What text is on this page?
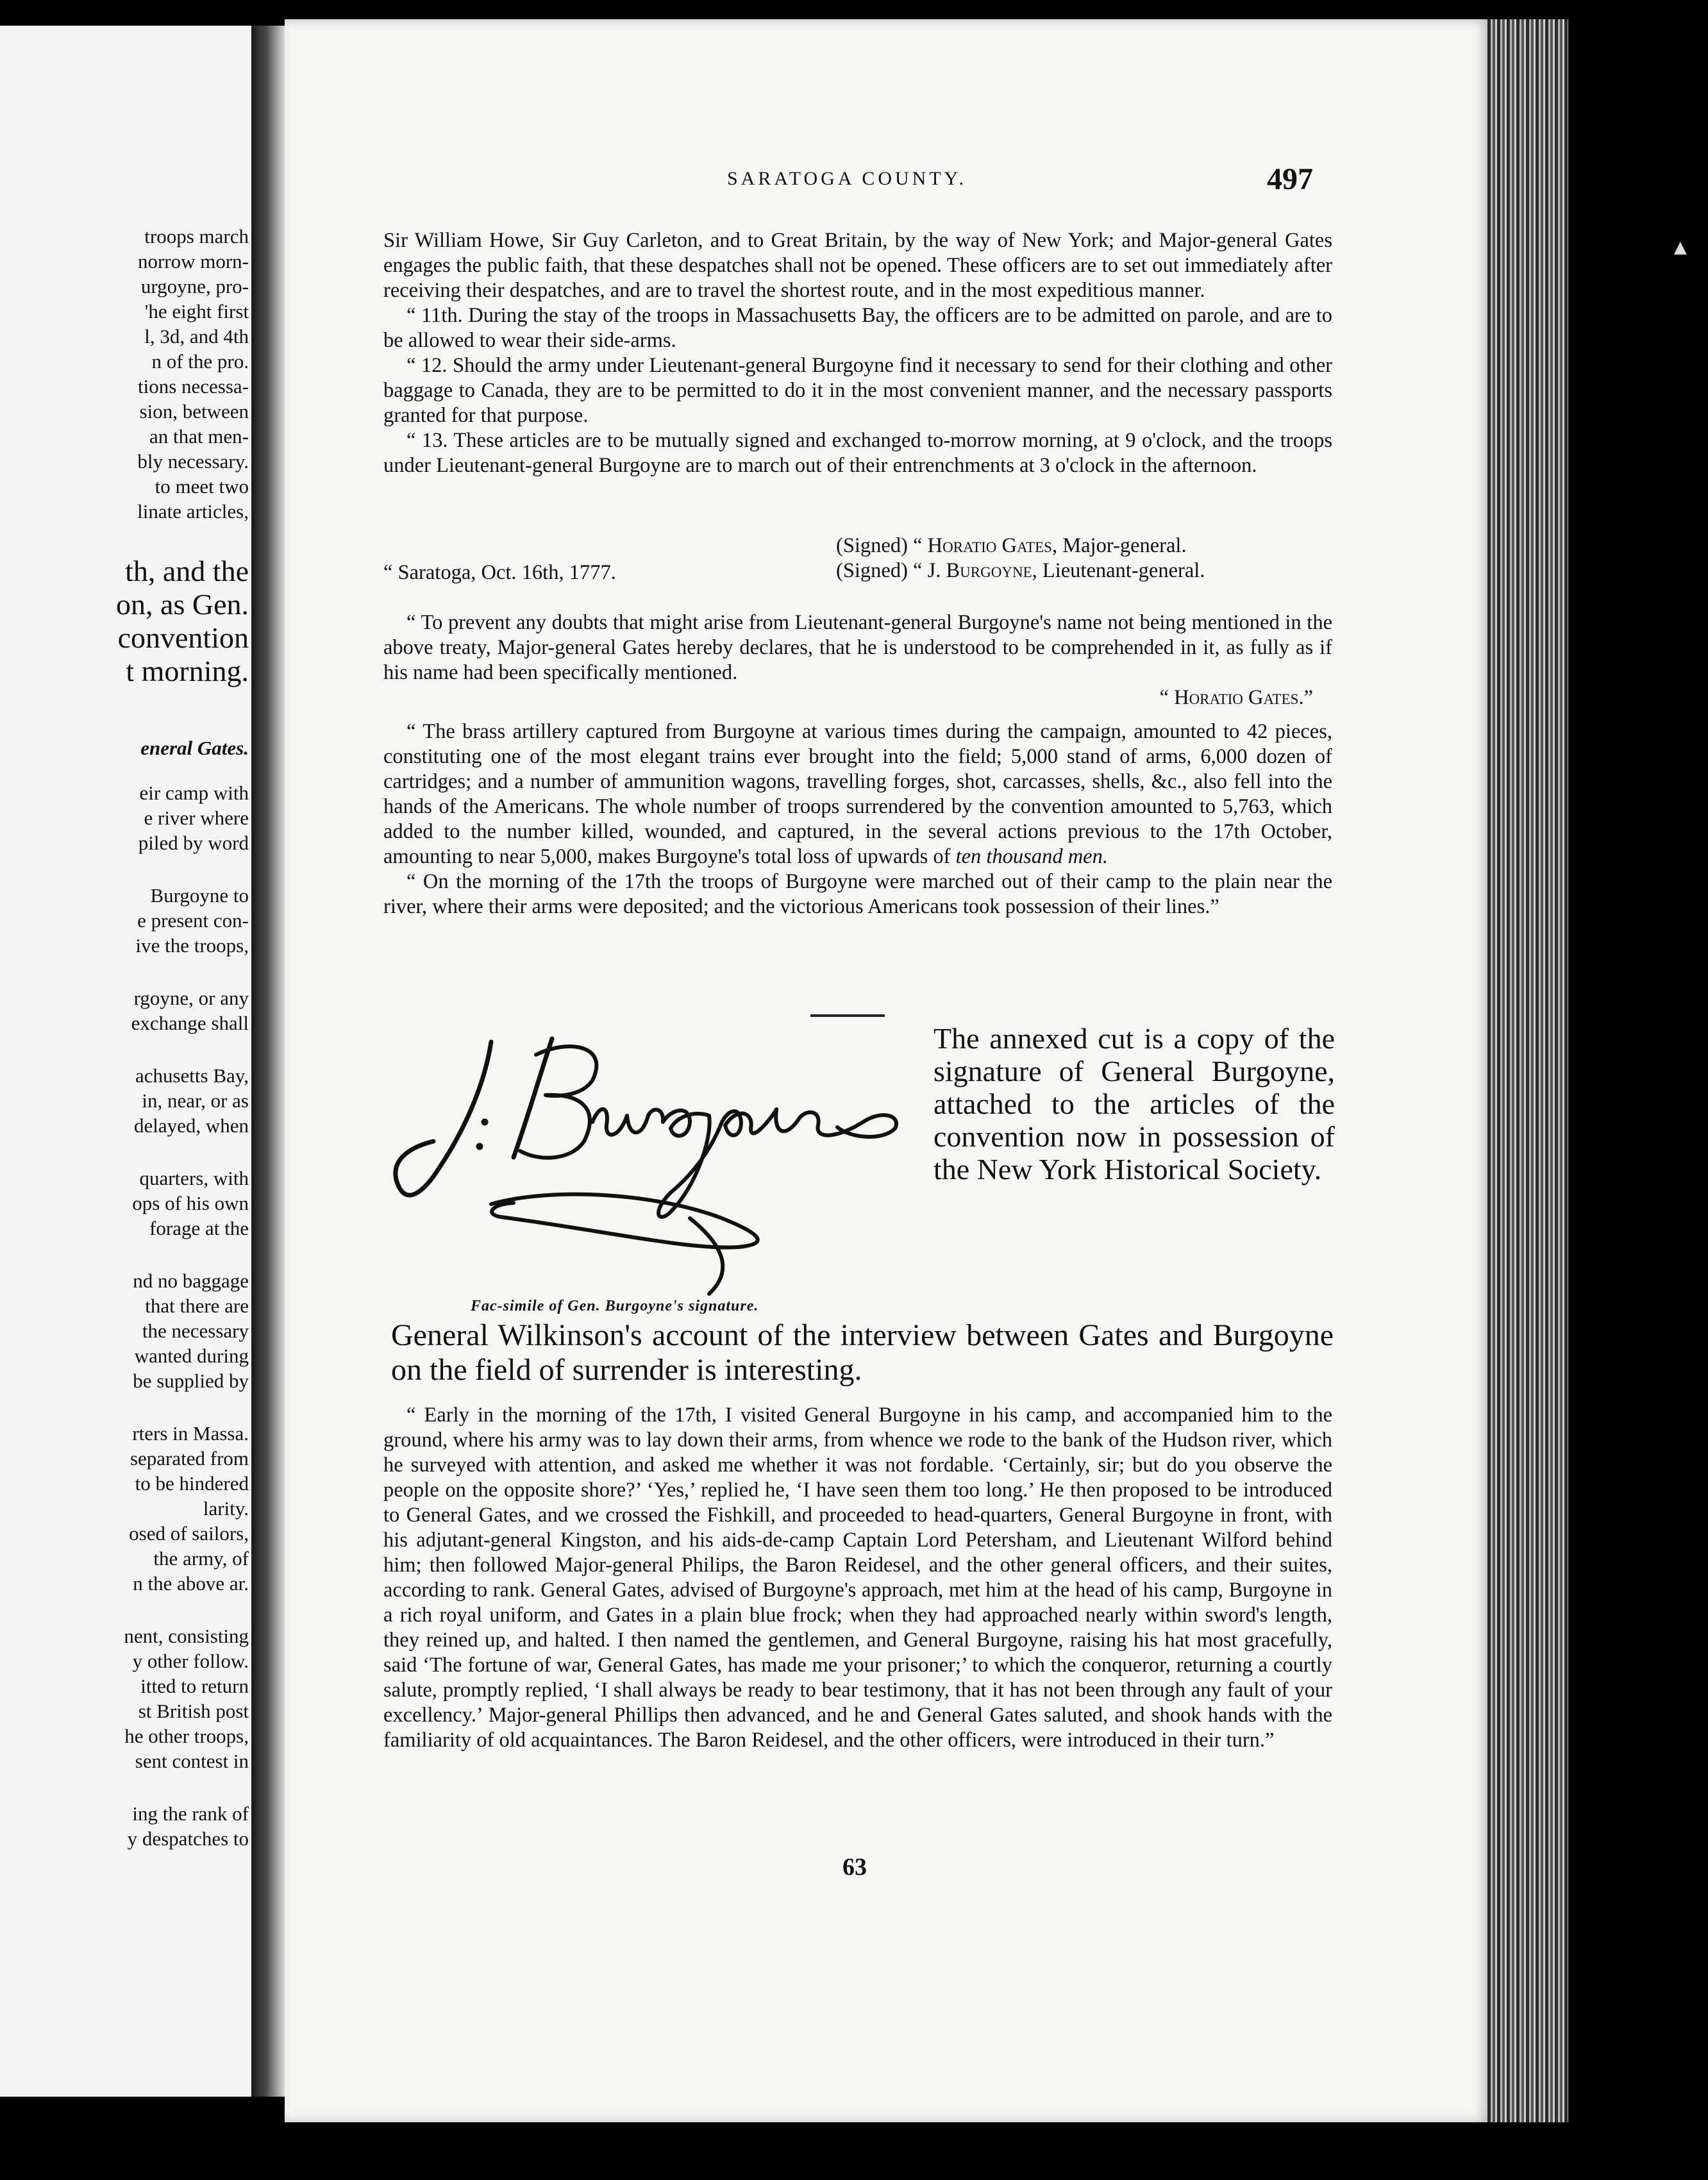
troops march
norrow morn-
urgoyne, pro-
'he eight first
l, 3d, and 4th
n of the pro.
tions necessa-
sion, between
an that men-
bly necessary.
to meet two
linate articles,
th, and the
on, as Gen.
convention
t morning.
eneral Gates.
eir camp with
e river where
piled by word
Burgoyne to
e present con-
ive the troops,
rgoyne, or any
exchange shall
achusetts Bay,
in, near, or as
delayed, when
quarters, with
ops of his own
forage at the
nd no baggage
that there are
the necessary
wanted during
be supplied by
rters in Massa.
separated from
to be hindered
larity.
osed of sailors,
the army, of
n the above ar.
nent, consisting
y other follow.
itted to return
st British post
he other troops,
sent contest in
ing the rank of
y despatches to
▲
SARATOGA COUNTY.	497

Sir William Howe, Sir Guy Carleton, and to Great Britain, by the way of New York; and Major-general Gates engages the public faith, that these despatches shall not be opened. These officers are to set out immediately after receiving their despatches, and are to travel the shortest route, and in the most expeditious manner.

“ 11th. During the stay of the troops in Massachusetts Bay, the officers are to be admitted on parole, and are to be allowed to wear their side-arms.

“ 12. Should the army under Lieutenant-general Burgoyne find it necessary to send for their clothing and other baggage to Canada, they are to be permitted to do it in the most convenient manner, and the necessary passports granted for that purpose.

“ 13. These articles are to be mutually signed and exchanged to-morrow morning, at 9 o'clock, and the troops under Lieutenant-general Burgoyne are to march out of their entrenchments at 3 o'clock in the afternoon.

(Signed) “ Horatio Gates, Major-general.
(Signed) “ J. Burgoyne, Lieutenant-general.
“ Saratoga, Oct. 16th, 1777.

“ To prevent any doubts that might arise from Lieutenant-general Burgoyne's name not being mentioned in the above treaty, Major-general Gates hereby declares, that he is understood to be comprehended in it, as fully as if his name had been specifically mentioned.

“ Horatio Gates.”

“ The brass artillery captured from Burgoyne at various times during the campaign, amounted to 42 pieces, constituting one of the most elegant trains ever brought into the field; 5,000 stand of arms, 6,000 dozen of cartridges; and a number of ammunition wagons, travelling forges, shot, carcasses, shells, &c., also fell into the hands of the Americans. The whole number of troops surrendered by the convention amounted to 5,763, which added to the number killed, wounded, and captured, in the several actions previous to the 17th October, amounting to near 5,000, makes Burgoyne's total loss of upwards of ten thousand men.

“ On the morning of the 17th the troops of Burgoyne were marched out of their camp to the plain near the river, where their arms were deposited; and the victorious Americans took possession of their lines.”

Fac-simile of Gen. Burgoyne's signature.
The annexed cut is a copy of the signature of General Burgoyne, attached to the articles of the convention now in possession of the New York Historical Society.
General Wilkinson's account of the interview between Gates and Burgoyne on the field of surrender is interesting.

“ Early in the morning of the 17th, I visited General Burgoyne in his camp, and accompanied him to the ground, where his army was to lay down their arms, from whence we rode to the bank of the Hudson river, which he surveyed with attention, and asked me whether it was not fordable. ‘Certainly, sir; but do you observe the people on the opposite shore?’ ‘Yes,’ replied he, ‘I have seen them too long.’ He then proposed to be introduced to General Gates, and we crossed the Fishkill, and proceeded to head-quarters, General Burgoyne in front, with his adjutant-general Kingston, and his aids-de-camp Captain Lord Petersham, and Lieutenant Wilford behind him; then followed Major-general Philips, the Baron Reidesel, and the other general officers, and their suites, according to rank. General Gates, advised of Burgoyne's approach, met him at the head of his camp, Burgoyne in a rich royal uniform, and Gates in a plain blue frock; when they had approached nearly within sword's length, they reined up, and halted. I then named the gentlemen, and General Burgoyne, raising his hat most gracefully, said ‘The fortune of war, General Gates, has made me your prisoner;’ to which the conqueror, returning a courtly salute, promptly replied, ‘I shall always be ready to bear testimony, that it has not been through any fault of your excellency.’ Major-general Phillips then advanced, and he and General Gates saluted, and shook hands with the familiarity of old acquaintances. The Baron Reidesel, and the other officers, were introduced in their turn.”

63
